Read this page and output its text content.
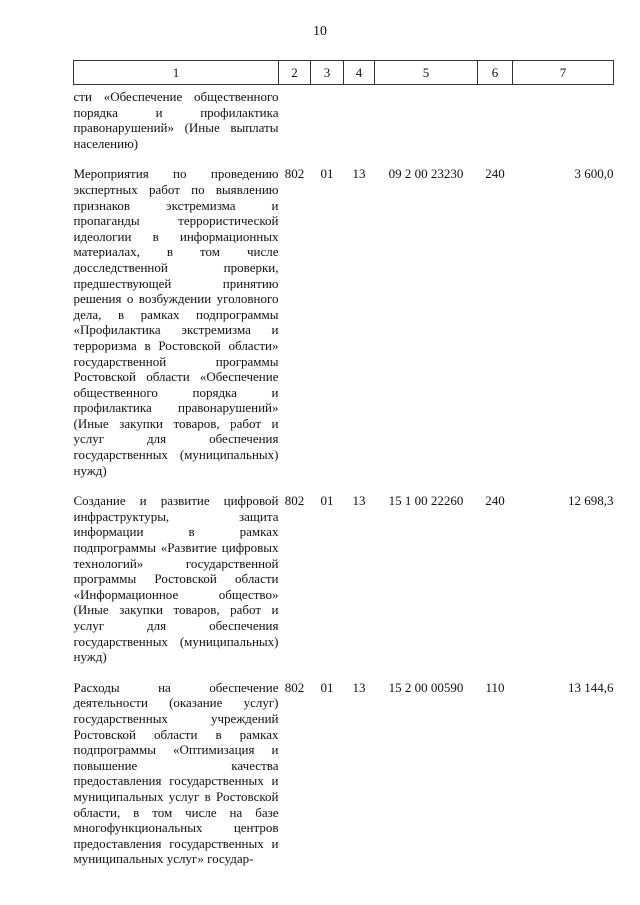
10
1	2	3	4	5	6	7
сти «Обеспечение общественного порядка и профилактика правонарушений» (Иные выплаты населению)						
Мероприятия по проведению экспертных работ по выявлению признаков экстремизма и пропаганды террористической идеологии в информационных материалах, в том числе досследственной проверки, предшествующей принятию решения о возбуждении уголовного дела, в рамках подпрограммы «Профилактика экстремизма и терроризма в Ростовской области» государственной программы Ростовской области «Обеспечение общественного порядка и профилактика правонарушений» (Иные закупки товаров, работ и услуг для обеспечения государственных (муниципальных) нужд)	802	01	13	09 2 00 23230	240	3 600,0
Создание и развитие цифровой инфраструктуры, защита информации в рамках подпрограммы «Развитие цифровых технологий» государственной программы Ростовской области «Информационное общество» (Иные закупки товаров, работ и услуг для обеспечения государственных (муниципальных) нужд)	802	01	13	15 1 00 22260	240	12 698,3
Расходы на обеспечение деятельности (оказание услуг) государственных учреждений Ростовской области в рамках подпрограммы «Оптимизация и повышение качества предоставления государственных и муниципальных услуг в Ростовской области, в том числе на базе многофункциональных центров предоставления государственных и муниципальных услуг» государ-	802	01	13	15 2 00 00590	110	13 144,6
